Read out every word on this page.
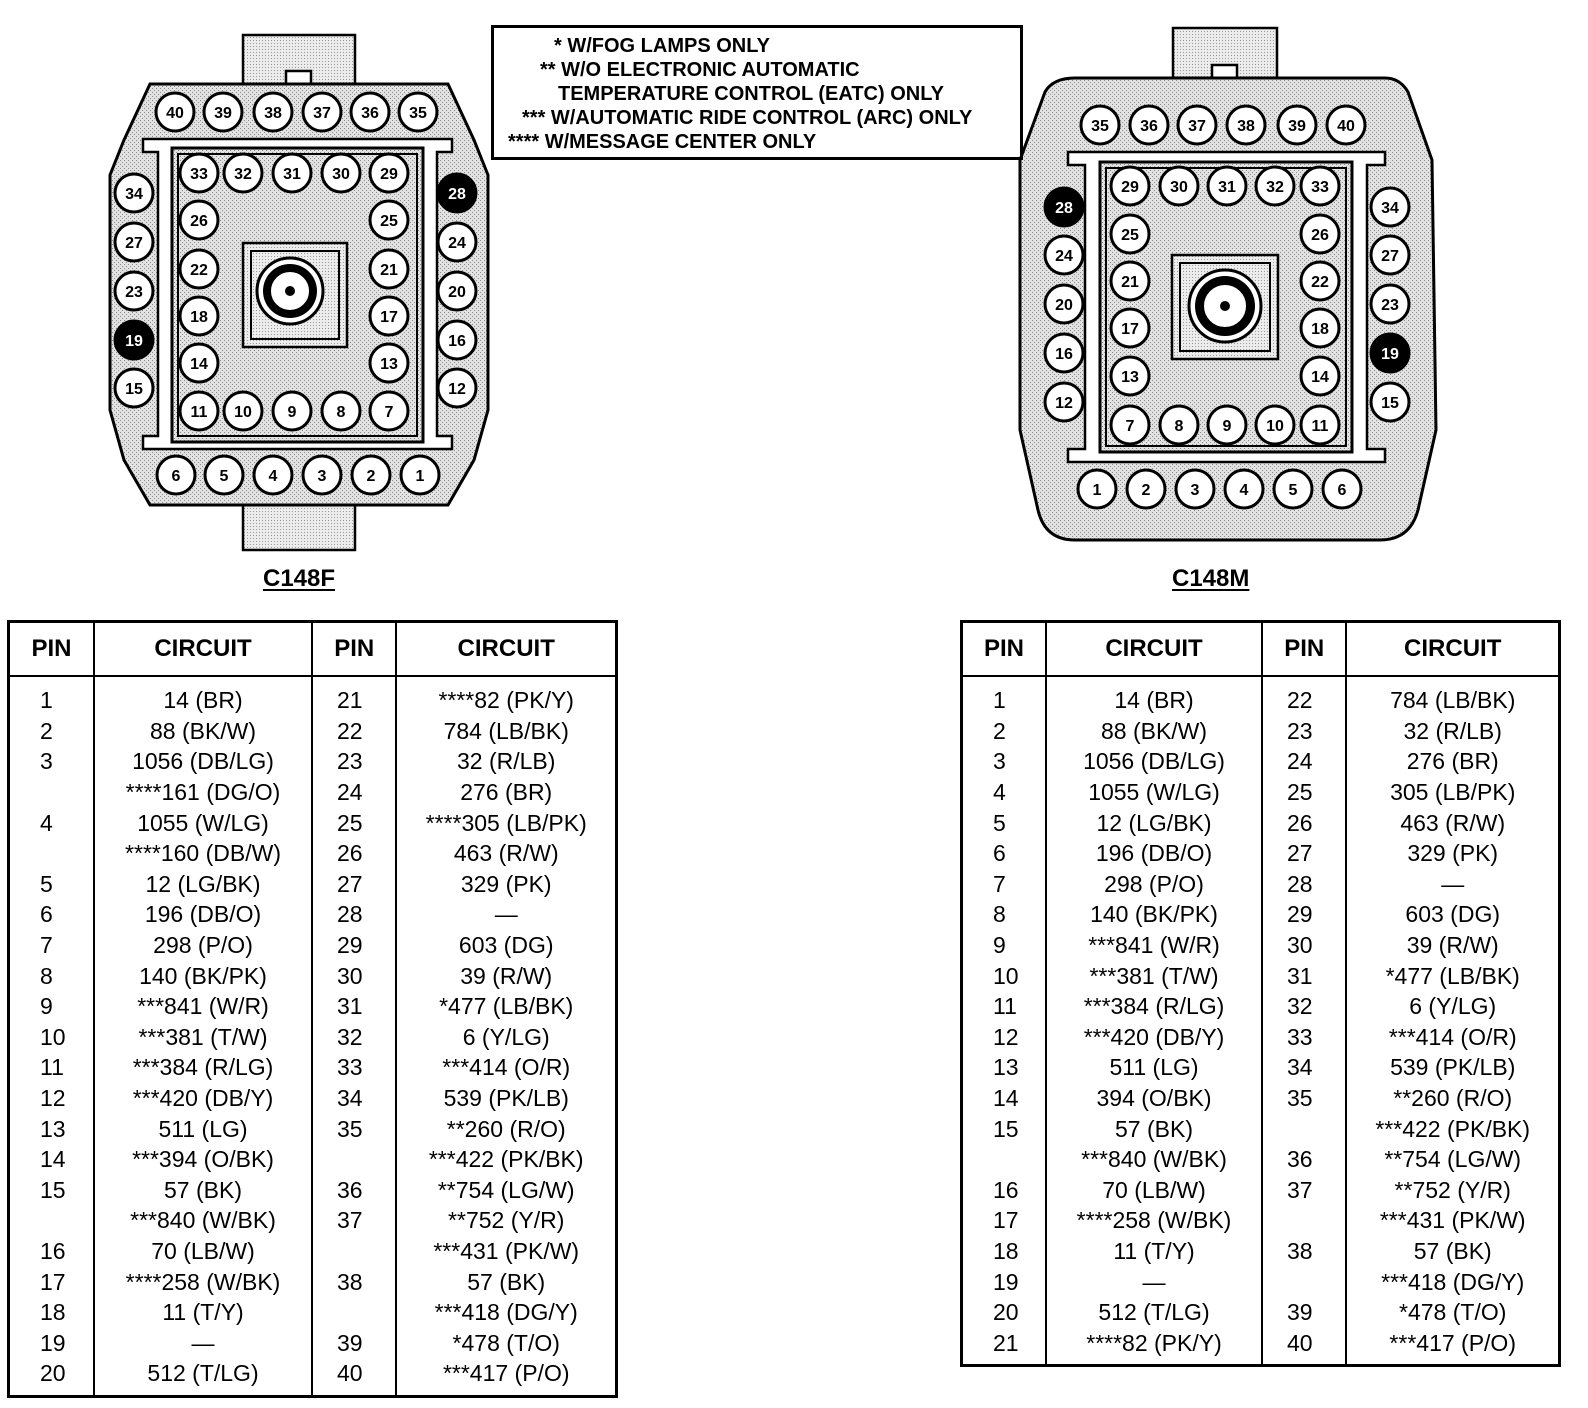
40 39 38 37 36 35
33 32 31 30 29
34
27
23
19
15
28
24
20
16
12
26
22
18
14
25
21
17
13
11 10 9	8 7
6 5	4	3	2	1
35 36 37 38 39 40
29 30 31 32 33
28
24
20
16
12
34
27
23
19
15
25
21
17
13
26
22
18
14
7	8 9 10 11
1	2	3	4	5	6
* W/FOG LAMPS ONLY
** W/O ELECTRONIC AUTOMATIC
TEMPERATURE CONTROL (EATC) ONLY
*** W/AUTOMATIC RIDE CONTROL (ARC) ONLY
**** W/MESSAGE CENTER ONLY
C148F	C148M
PIN	CIRCUIT	PIN	CIRCUIT
1	14 (BR)	21	****82 (PK/Y)
2	88 (BK/W)	22	784 (LB/BK)
3	1056 (DB/LG)	23	32 (R/LB)
	****161 (DG/O)	24	276 (BR)
4	1055 (W/LG)	25	****305 (LB/PK)
	****160 (DB/W)	26	463 (R/W)
5	12 (LG/BK)	27	329 (PK)
6	196 (DB/O)	28	—
7	298 (P/O)	29	603 (DG)
8	140 (BK/PK)	30	39 (R/W)
9	***841 (W/R)	31	*477 (LB/BK)
10	***381 (T/W)	32	6 (Y/LG)
11	***384 (R/LG)	33	***414 (O/R)
12	***420 (DB/Y)	34	539 (PK/LB)
13	511 (LG)	35	**260 (R/O)
14	***394 (O/BK)		***422 (PK/BK)
15	57 (BK)	36	**754 (LG/W)
	***840 (W/BK)	37	**752 (Y/R)
16	70 (LB/W)		***431 (PK/W)
17	****258 (W/BK)	38	57 (BK)
18	11 (T/Y)		***418 (DG/Y)
19	—	39	*478 (T/O)
20	512 (T/LG)	40	***417 (P/O)
PIN	CIRCUIT	PIN	CIRCUIT
1	14 (BR)	22	784 (LB/BK)
2	88 (BK/W)	23	32 (R/LB)
3	1056 (DB/LG)	24	276 (BR)
4	1055 (W/LG)	25	305 (LB/PK)
5	12 (LG/BK)	26	463 (R/W)
6	196 (DB/O)	27	329 (PK)
7	298 (P/O)	28	—
8	140 (BK/PK)	29	603 (DG)
9	***841 (W/R)	30	39 (R/W)
10	***381 (T/W)	31	*477 (LB/BK)
11	***384 (R/LG)	32	6 (Y/LG)
12	***420 (DB/Y)	33	***414 (O/R)
13	511 (LG)	34	539 (PK/LB)
14	394 (O/BK)	35	**260 (R/O)
15	57 (BK)		***422 (PK/BK)
	***840 (W/BK)	36	**754 (LG/W)
16	70 (LB/W)	37	**752 (Y/R)
17	****258 (W/BK)		***431 (PK/W)
18	11 (T/Y)	38	57 (BK)
19	—		***418 (DG/Y)
20	512 (T/LG)	39	*478 (T/O)
21	****82 (PK/Y)	40	***417 (P/O)
